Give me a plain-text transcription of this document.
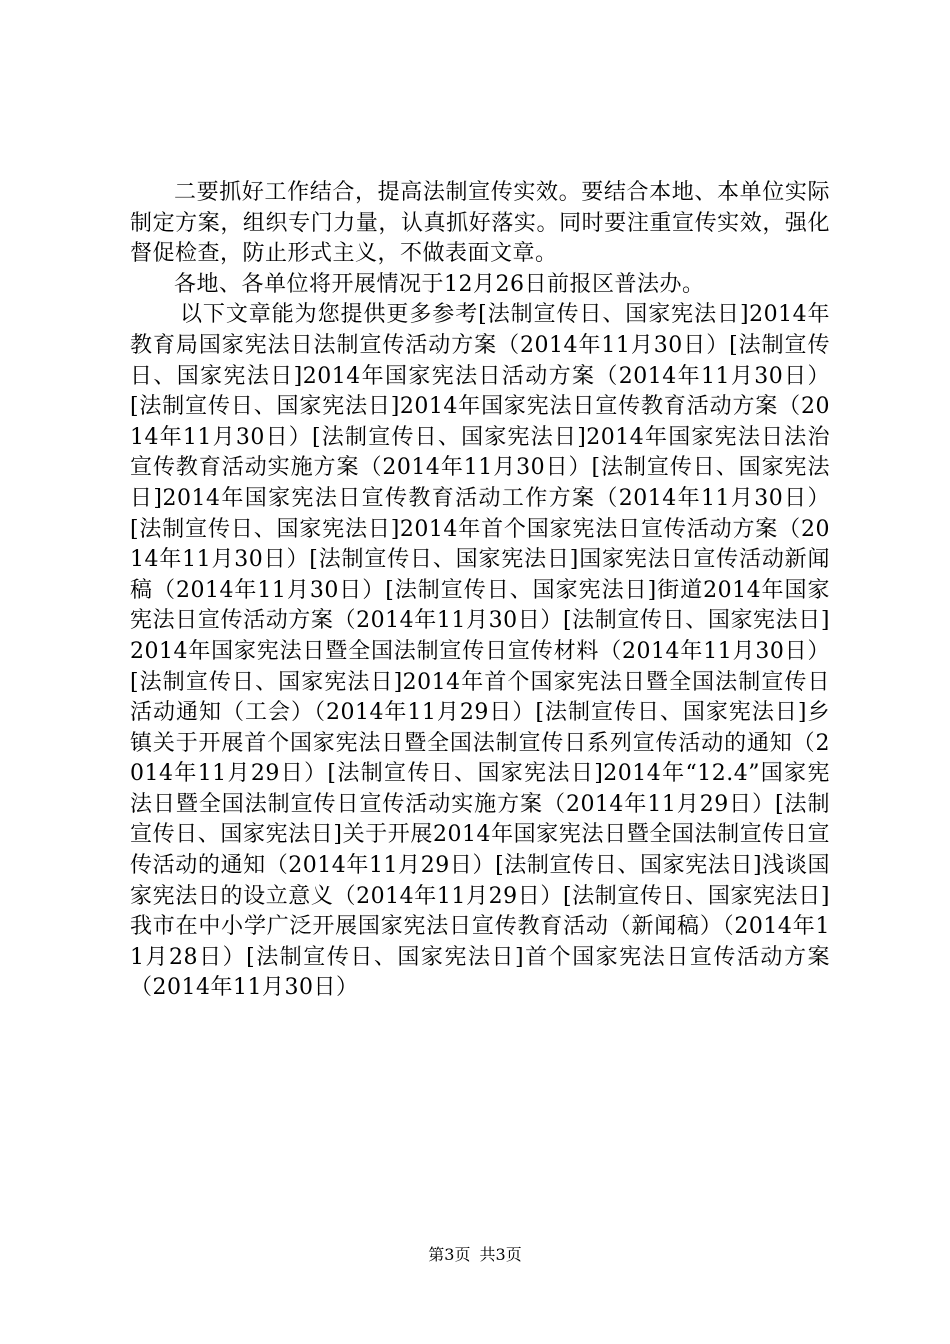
二要抓好工作结合，提高法制宣传实效。要结合本地、本单位实际制定方案，组织专门力量，认真抓好落实。同时要注重宣传实效，强化督促检查，防止形式主义，不做表面文章。

各地、各单位将开展情况于12月26日前报区普法办。

以下文章能为您提供更多参考[法制宣传日、国家宪法日]2014年教育局国家宪法日法制宣传活动方案（2014年11月30日）[法制宣传日、国家宪法日]2014年国家宪法日活动方案（2014年11月30日）[法制宣传日、国家宪法日]2014年国家宪法日宣传教育活动方案（2014年11月30日）[法制宣传日、国家宪法日]2014年国家宪法日法治宣传教育活动实施方案（2014年11月30日）[法制宣传日、国家宪法日]2014年国家宪法日宣传教育活动工作方案（2014年11月30日）[法制宣传日、国家宪法日]2014年首个国家宪法日宣传活动方案（2014年11月30日）[法制宣传日、国家宪法日]国家宪法日宣传活动新闻稿（2014年11月30日）[法制宣传日、国家宪法日]街道2014年国家宪法日宣传活动方案（2014年11月30日）[法制宣传日、国家宪法日]2014年国家宪法日暨全国法制宣传日宣传材料（2014年11月30日）[法制宣传日、国家宪法日]2014年首个国家宪法日暨全国法制宣传日活动通知（工会）（2014年11月29日）[法制宣传日、国家宪法日]乡镇关于开展首个国家宪法日暨全国法制宣传日系列宣传活动的通知（2014年11月29日）[法制宣传日、国家宪法日]2014年“12.4”国家宪法日暨全国法制宣传日宣传活动实施方案（2014年11月29日）[法制宣传日、国家宪法日]关于开展2014年国家宪法日暨全国法制宣传日宣传活动的通知（2014年11月29日）[法制宣传日、国家宪法日]浅谈国家宪法日的设立意义（2014年11月29日）[法制宣传日、国家宪法日]我市在中小学广泛开展国家宪法日宣传教育活动（新闻稿）（2014年11月28日）[法制宣传日、国家宪法日]首个国家宪法日宣传活动方案（2014年11月30日）

第3页 共3页
